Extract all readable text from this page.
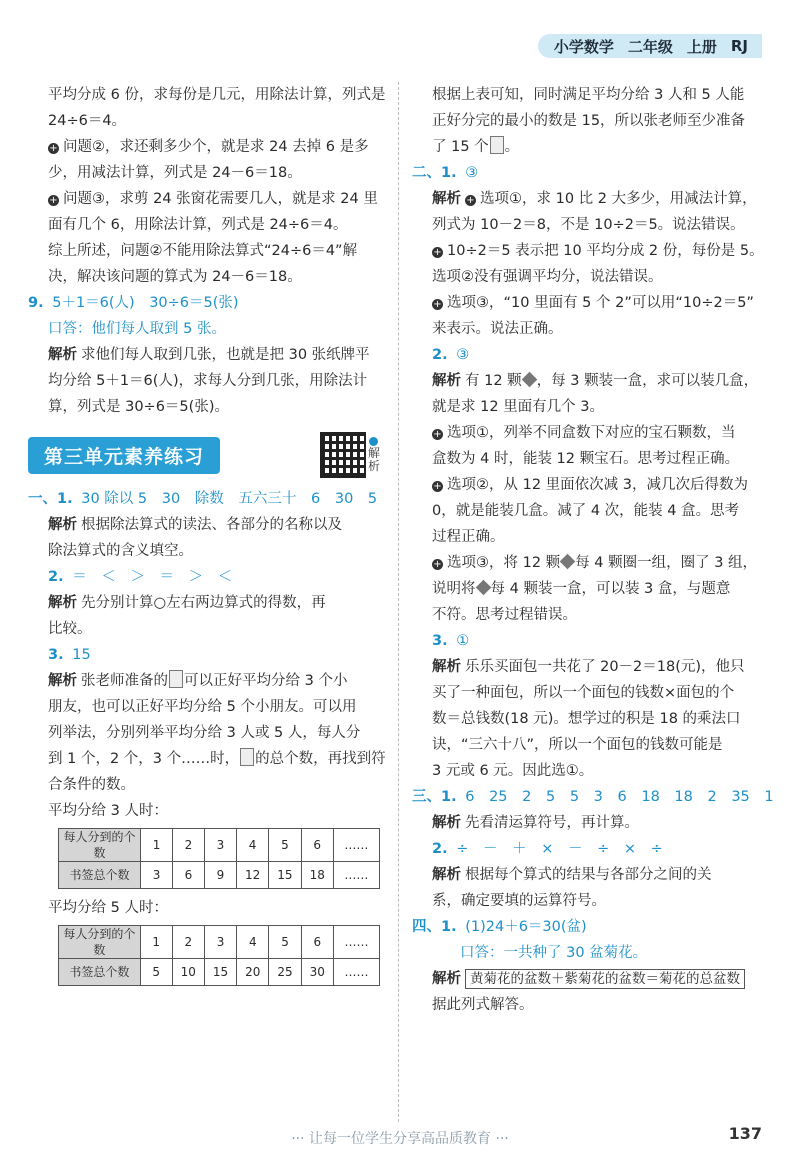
小学数学 二年级 上册 RJ
平均分成 6 份，求每份是几元，用除法计算，列式是
24÷6＝4。
+ 问题②，求还剩多少个，就是求 24 去掉 6 是多
少，用减法计算，列式是 24－6＝18。
+ 问题③，求剪 24 张窗花需要几人，就是求 24 里
面有几个 6，用除法计算，列式是 24÷6＝4。
综上所述，问题②不能用除法算式“24÷6＝4”解
决，解决该问题的算式为 24－6＝18。
9. 5＋1＝6(人)　30÷6＝5(张)
口答：他们每人取到 5 张。
解析 求他们每人取到几张，也就是把 30 张纸牌平
均分给 5＋1＝6(人)，求每人分到几张，用除法计
算，列式是 30÷6＝5(张)。
第三单元素养练习	解
析
一、1. 30 除以 5 30 除数 五六三十 6 30 5
解析 根据除法算式的读法、各部分的名称以及
除法算式的含义填空。
2. ＝ ＜ ＞ ＝ ＞ ＜
解析 先分别计算○左右两边算式的得数，再
比较。
3. 15
解析 张老师准备的 可以正好平均分给 3 个小
朋友，也可以正好平均分给 5 个小朋友。可以用
列举法，分别列举平均分给 3 人或 5 人，每人分
到 1 个，2 个，3 个……时， 的总个数，再找到符
合条件的数。
平均分给 3 人时：
每人分到的个数	1	2	3	4	5	6	……
书签总个数	3	6	9	12	15	18	……
平均分给 5 人时：
每人分到的个数	1	2	3	4	5	6	……
书签总个数	5	10	15	20	25	30	……
根据上表可知，同时满足平均分给 3 人和 5 人能
正好分完的最小的数是 15，所以张老师至少准备
了 15 个 。
二、1. ③
解析 + 选项①，求 10 比 2 大多少，用减法计算，
列式为 10－2＝8，不是 10÷2＝5。说法错误。
+ 10÷2＝5 表示把 10 平均分成 2 份，每份是 5。
选项②没有强调平均分，说法错误。
+ 选项③，“10 里面有 5 个 2”可以用“10÷2＝5”
来表示。说法正确。
2. ③
解析 有 12 颗 ，每 3 颗装一盒，求可以装几盒，
就是求 12 里面有几个 3。
+ 选项①，列举不同盒数下对应的宝石颗数，当
盒数为 4 时，能装 12 颗宝石。思考过程正确。
+ 选项②，从 12 里面依次减 3，减几次后得数为
0，就是能装几盒。减了 4 次，能装 4 盒。思考
过程正确。
+ 选项③，将 12 颗 每 4 颗圈一组，圈了 3 组，
说明将 每 4 颗装一盒，可以装 3 盒，与题意
不符。思考过程错误。
3. ①
解析 乐乐买面包一共花了 20－2＝18(元)，他只
买了一种面包，所以一个面包的钱数×面包的个
数＝总钱数(18 元)。想学过的积是 18 的乘法口
诀，“三六十八”，所以一个面包的钱数可能是
3 元或 6 元。因此选①。
三、1. 6 25 2 5 5 3 6 18 18 2 35 1
解析 先看清运算符号，再计算。
2. ÷ － ＋ × － ÷ × ÷
解析 根据每个算式的结果与各部分之间的关
系，确定要填的运算符号。
四、1. (1)24＋6＝30(盆)
口答：一共种了 30 盆菊花。
解析 黄菊花的盆数＋紫菊花的盆数＝菊花的总盆数
据此列式解答。
··· 让每一位学生分享高品质教育 ···	137
